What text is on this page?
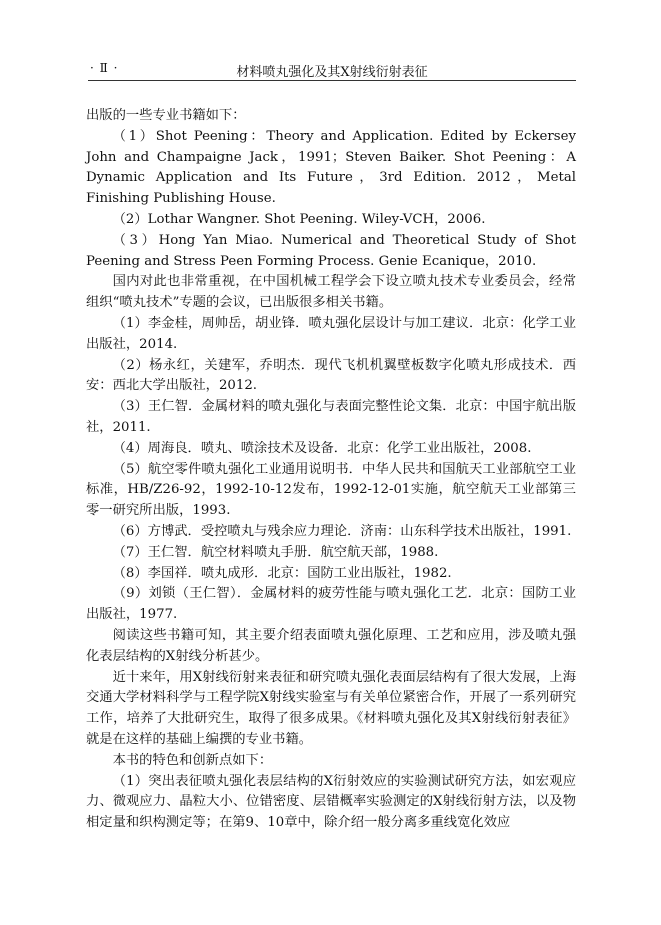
· Ⅱ ·	材料喷丸强化及其X射线衍射表征

出版的一些专业书籍如下：

（1）Shot Peening：Theory and Application. Edited by Eckersey John and Champaigne Jack，1991；Steven Baiker. Shot Peening：A Dynamic Application and Its Future，3rd Edition. 2012，Metal Finishing Publishing House.

（2）Lothar Wangner. Shot Peening. Wiley-VCH，2006.

（3）Hong Yan Miao. Numerical and Theoretical Study of Shot Peening and Stress Peen Forming Process. Genie Ecanique，2010.

国内对此也非常重视，在中国机械工程学会下设立喷丸技术专业委员会，经常组织“喷丸技术”专题的会议，已出版很多相关书籍。

（1）李金桂，周帅岳，胡业锋．喷丸强化层设计与加工建议．北京：化学工业出版社，2014.

（2）杨永红，关建军，乔明杰．现代飞机机翼壁板数字化喷丸形成技术．西安：西北大学出版社，2012.

（3）王仁智．金属材料的喷丸强化与表面完整性论文集．北京：中国宇航出版社，2011.

（4）周海良．喷丸、喷涂技术及设备．北京：化学工业出版社，2008.

（5）航空零件喷丸强化工业通用说明书．中华人民共和国航天工业部航空工业标准，HB/Z26-92，1992-10-12发布，1992-12-01实施，航空航天工业部第三零一研究所出版，1993.

（6）方博武．受控喷丸与残余应力理论．济南：山东科学技术出版社，1991.

（7）王仁智．航空材料喷丸手册．航空航天部，1988.

（8）李国祥．喷丸成形．北京：国防工业出版社，1982.

（9）刘锁（王仁智）．金属材料的疲劳性能与喷丸强化工艺．北京：国防工业出版社，1977.

阅读这些书籍可知，其主要介绍表面喷丸强化原理、工艺和应用，涉及喷丸强化表层结构的X射线分析甚少。

近十来年，用X射线衍射来表征和研究喷丸强化表面层结构有了很大发展，上海交通大学材料科学与工程学院X射线实验室与有关单位紧密合作，开展了一系列研究工作，培养了大批研究生，取得了很多成果。《材料喷丸强化及其X射线衍射表征》就是在这样的基础上编撰的专业书籍。

本书的特色和创新点如下：

（1）突出表征喷丸强化表层结构的X衍射效应的实验测试研究方法，如宏观应力、微观应力、晶粒大小、位错密度、层错概率实验测定的X射线衍射方法，以及物相定量和织构测定等；在第9、10章中，除介绍一般分离多重线宽化效应
